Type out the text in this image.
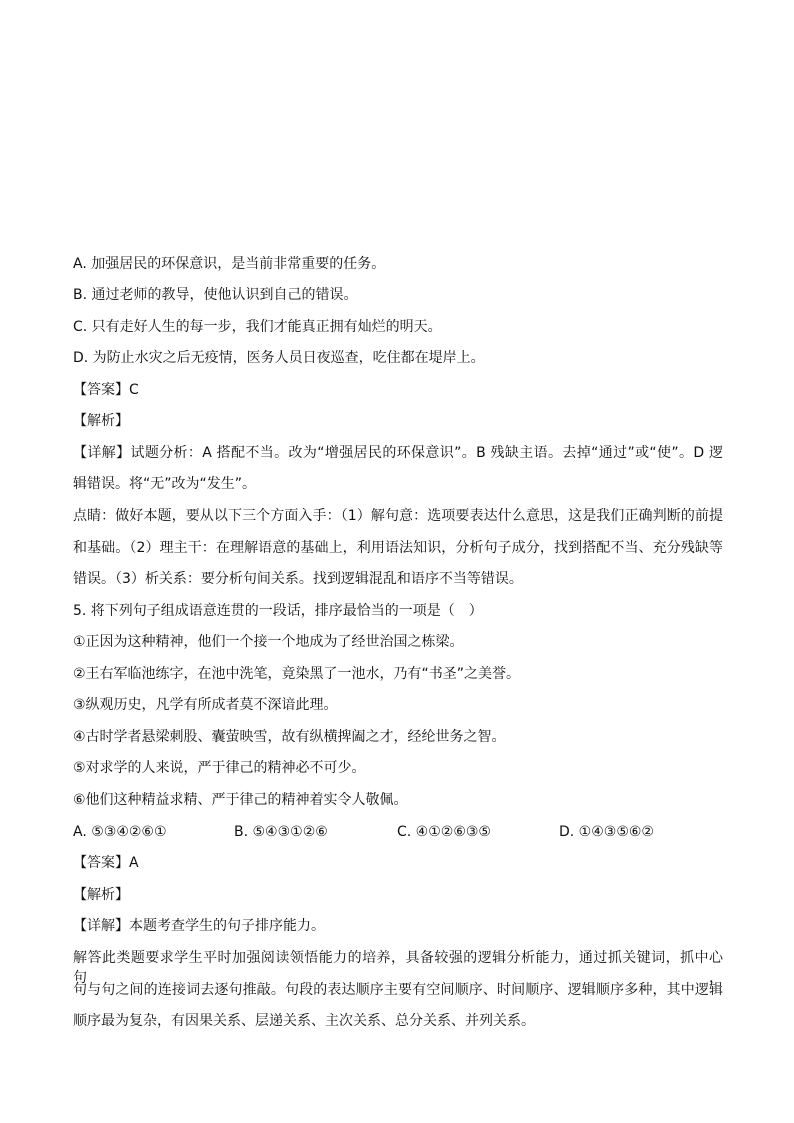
A. 加强居民的环保意识，是当前非常重要的任务。
B. 通过老师的教导，使他认识到自己的错误。
C. 只有走好人生的每一步，我们才能真正拥有灿烂的明天。
D. 为防止水灾之后无疫情，医务人员日夜巡查，吃住都在堤岸上。
【答案】C
【解析】
【详解】试题分析：A 搭配不当。改为“增强居民的环保意识”。B 残缺主语。去掉“通过”或“使”。D 逻
辑错误。将“无”改为“发生”。
点睛：做好本题，要从以下三个方面入手：（1）解句意：选项要表达什么意思，这是我们正确判断的前提
和基础。（2）理主干：在理解语意的基础上，利用语法知识，分析句子成分，找到搭配不当、充分残缺等
错误。（3）析关系：要分析句间关系。找到逻辑混乱和语序不当等错误。
5. 将下列句子组成语意连贯的一段话，排序最恰当的一项是（　）
①正因为这种精神，他们一个接一个地成为了经世治国之栋梁。
②王右军临池练字，在池中洗笔，竟染黑了一池水，乃有“书圣”之美誉。
③纵观历史，凡学有所成者莫不深谙此理。
④古时学者悬梁刺股、囊萤映雪，故有纵横捭阖之才，经纶世务之智。
⑤对求学的人来说，严于律己的精神必不可少。
⑥他们这种精益求精、严于律己的精神着实令人敬佩。
A. ⑤③④②⑥①	B. ⑤④③①②⑥	C. ④①②⑥③⑤	D. ①④③⑤⑥②
【答案】A
【解析】
【详解】本题考查学生的句子排序能力。
解答此类题要求学生平时加强阅读领悟能力的培养，具备较强的逻辑分析能力，通过抓关键词，抓中心句，
句与句之间的连接词去逐句推敲。句段的表达顺序主要有空间顺序、时间顺序、逻辑顺序多种，其中逻辑
顺序最为复杂，有因果关系、层递关系、主次关系、总分关系、并列关系。
